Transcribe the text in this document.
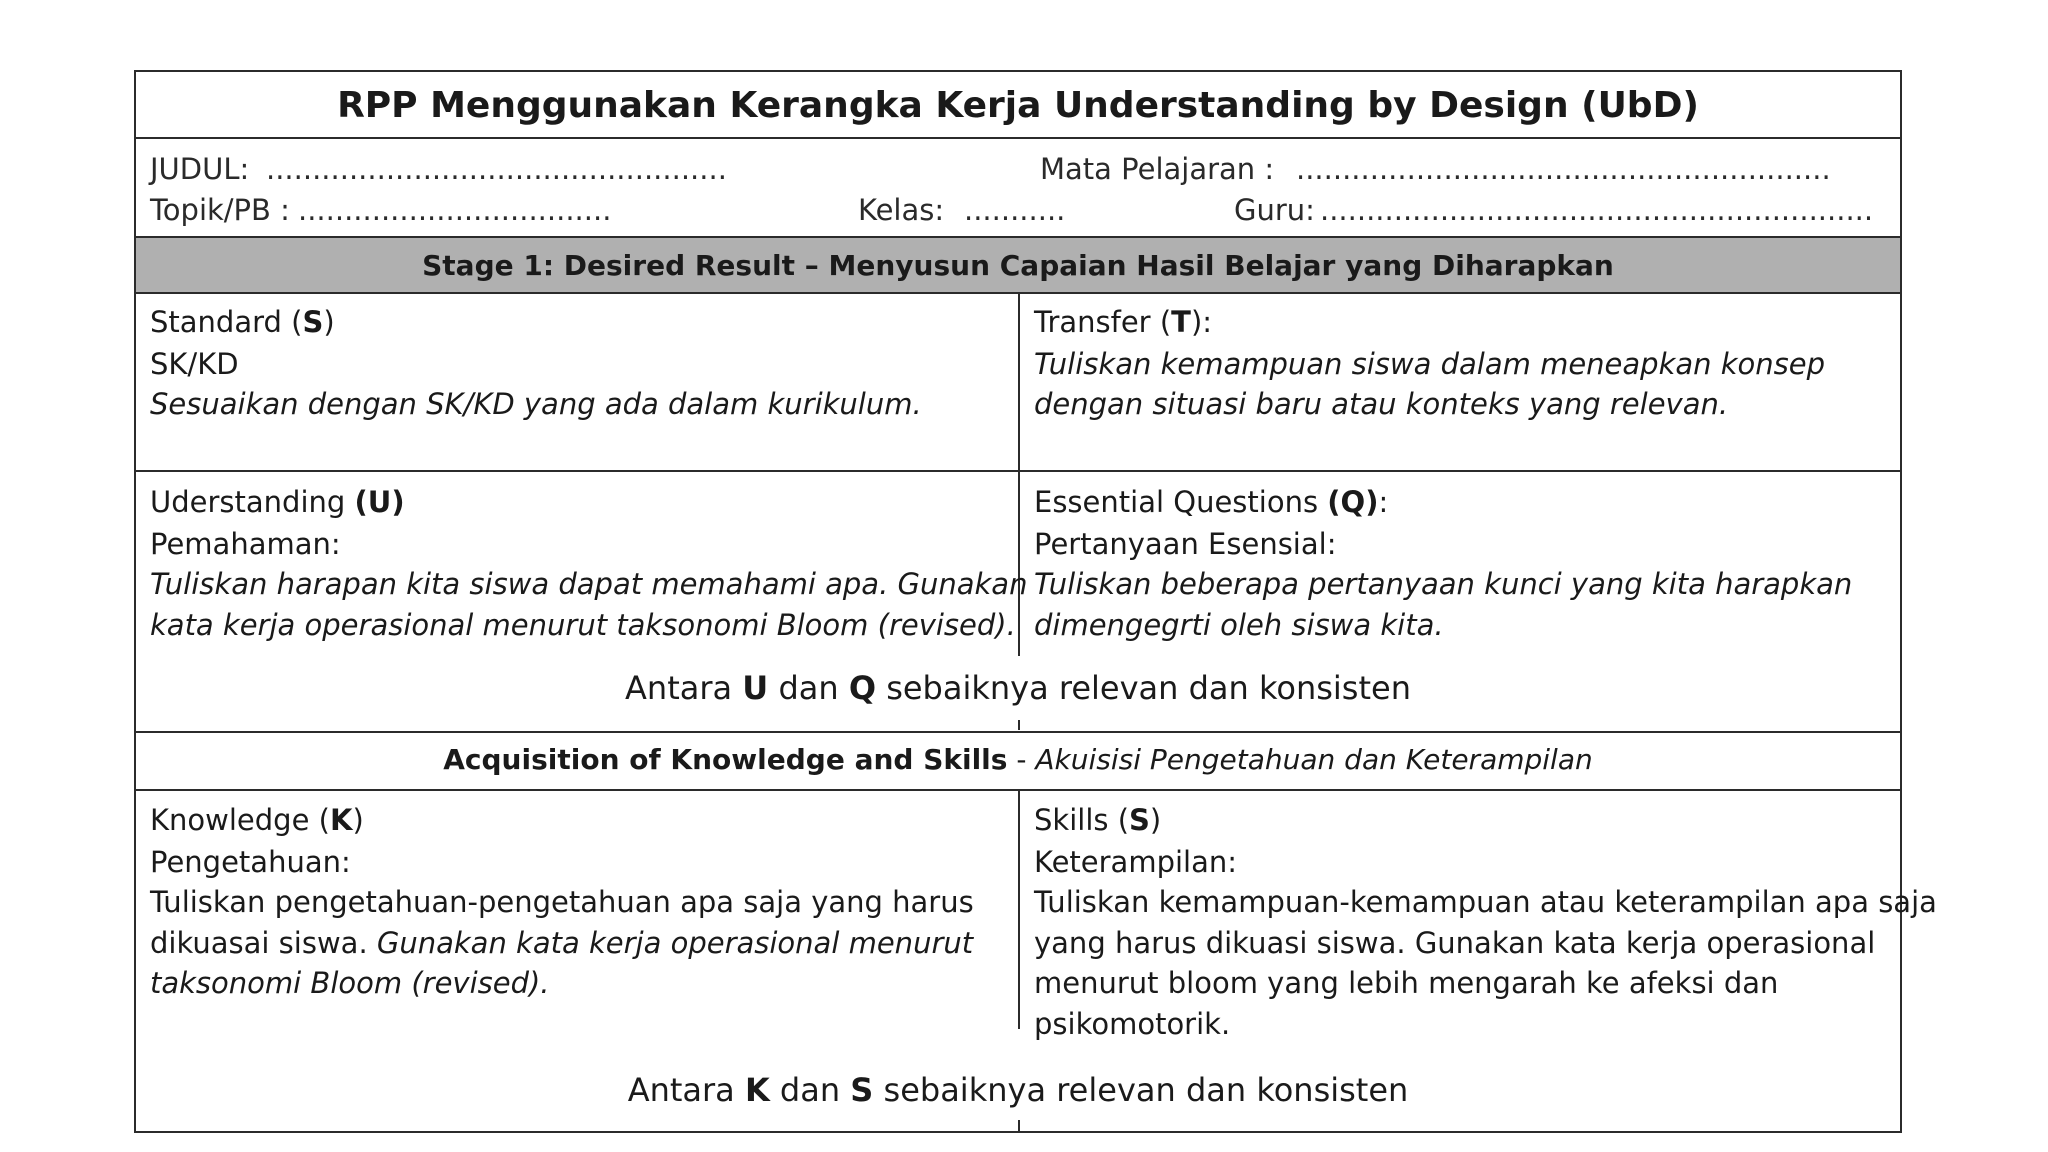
RPP Menggunakan Kerangka Kerja Understanding by Design (UbD)
JUDUL: ..................................................	Mata Pelajaran : ..........................................................
Topik/PB : ..................................	Kelas: ...........	Guru: ............................................................
Stage 1: Desired Result – Menyusun Capaian Hasil Belajar yang Diharapkan
Standard (S)
SK/KD
Sesuaikan dengan SK/KD yang ada dalam kurikulum.
Transfer (T):
Tuliskan kemampuan siswa dalam meneapkan konsep
dengan situasi baru atau konteks yang relevan.
Uderstanding (U)
Pemahaman:
Tuliskan harapan kita siswa dapat memahami apa. Gunakan
kata kerja operasional menurut taksonomi Bloom (revised).
Essential Questions (Q):
Pertanyaan Esensial:
Tuliskan beberapa pertanyaan kunci yang kita harapkan
dimengegrti oleh siswa kita.
Antara U dan Q sebaiknya relevan dan konsisten
Acquisition of Knowledge and Skills - Akuisisi Pengetahuan dan Keterampilan
Knowledge (K)
Pengetahuan:
Tuliskan pengetahuan-pengetahuan apa saja yang harus
dikuasai siswa. Gunakan kata kerja operasional menurut
taksonomi Bloom (revised).
Skills (S)
Keterampilan:
Tuliskan kemampuan-kemampuan atau keterampilan apa saja
yang harus dikuasi siswa. Gunakan kata kerja operasional
menurut bloom yang lebih mengarah ke afeksi dan
psikomotorik.
Antara K dan S sebaiknya relevan dan konsisten
